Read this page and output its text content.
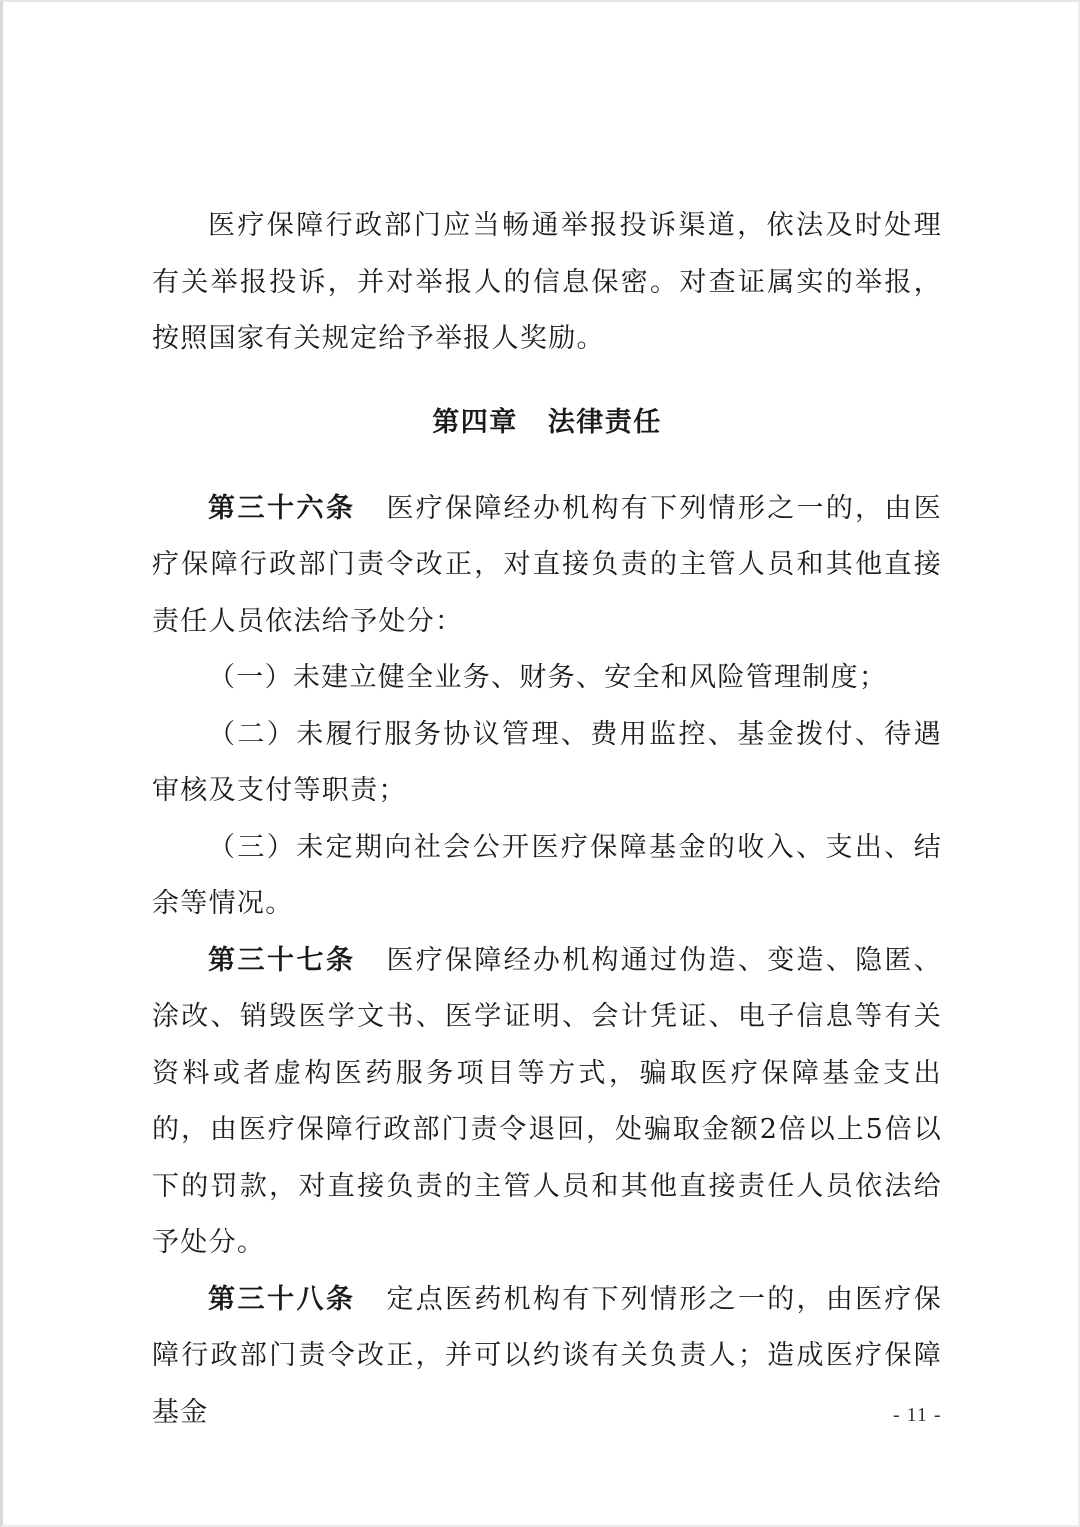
医疗保障行政部门应当畅通举报投诉渠道，依法及时处理有关举报投诉，并对举报人的信息保密。对查证属实的举报，按照国家有关规定给予举报人奖励。

第四章 法律责任

第三十六条 医疗保障经办机构有下列情形之一的，由医疗保障行政部门责令改正，对直接负责的主管人员和其他直接责任人员依法给予处分：

（一）未建立健全业务、财务、安全和风险管理制度；

（二）未履行服务协议管理、费用监控、基金拨付、待遇审核及支付等职责；

（三）未定期向社会公开医疗保障基金的收入、支出、结余等情况。

第三十七条 医疗保障经办机构通过伪造、变造、隐匿、涂改、销毁医学文书、医学证明、会计凭证、电子信息等有关资料或者虚构医药服务项目等方式，骗取医疗保障基金支出的，由医疗保障行政部门责令退回，处骗取金额2倍以上5倍以下的罚款，对直接负责的主管人员和其他直接责任人员依法给予处分。

第三十八条 定点医药机构有下列情形之一的，由医疗保障行政部门责令改正，并可以约谈有关负责人；造成医疗保障基金	- 11 -
